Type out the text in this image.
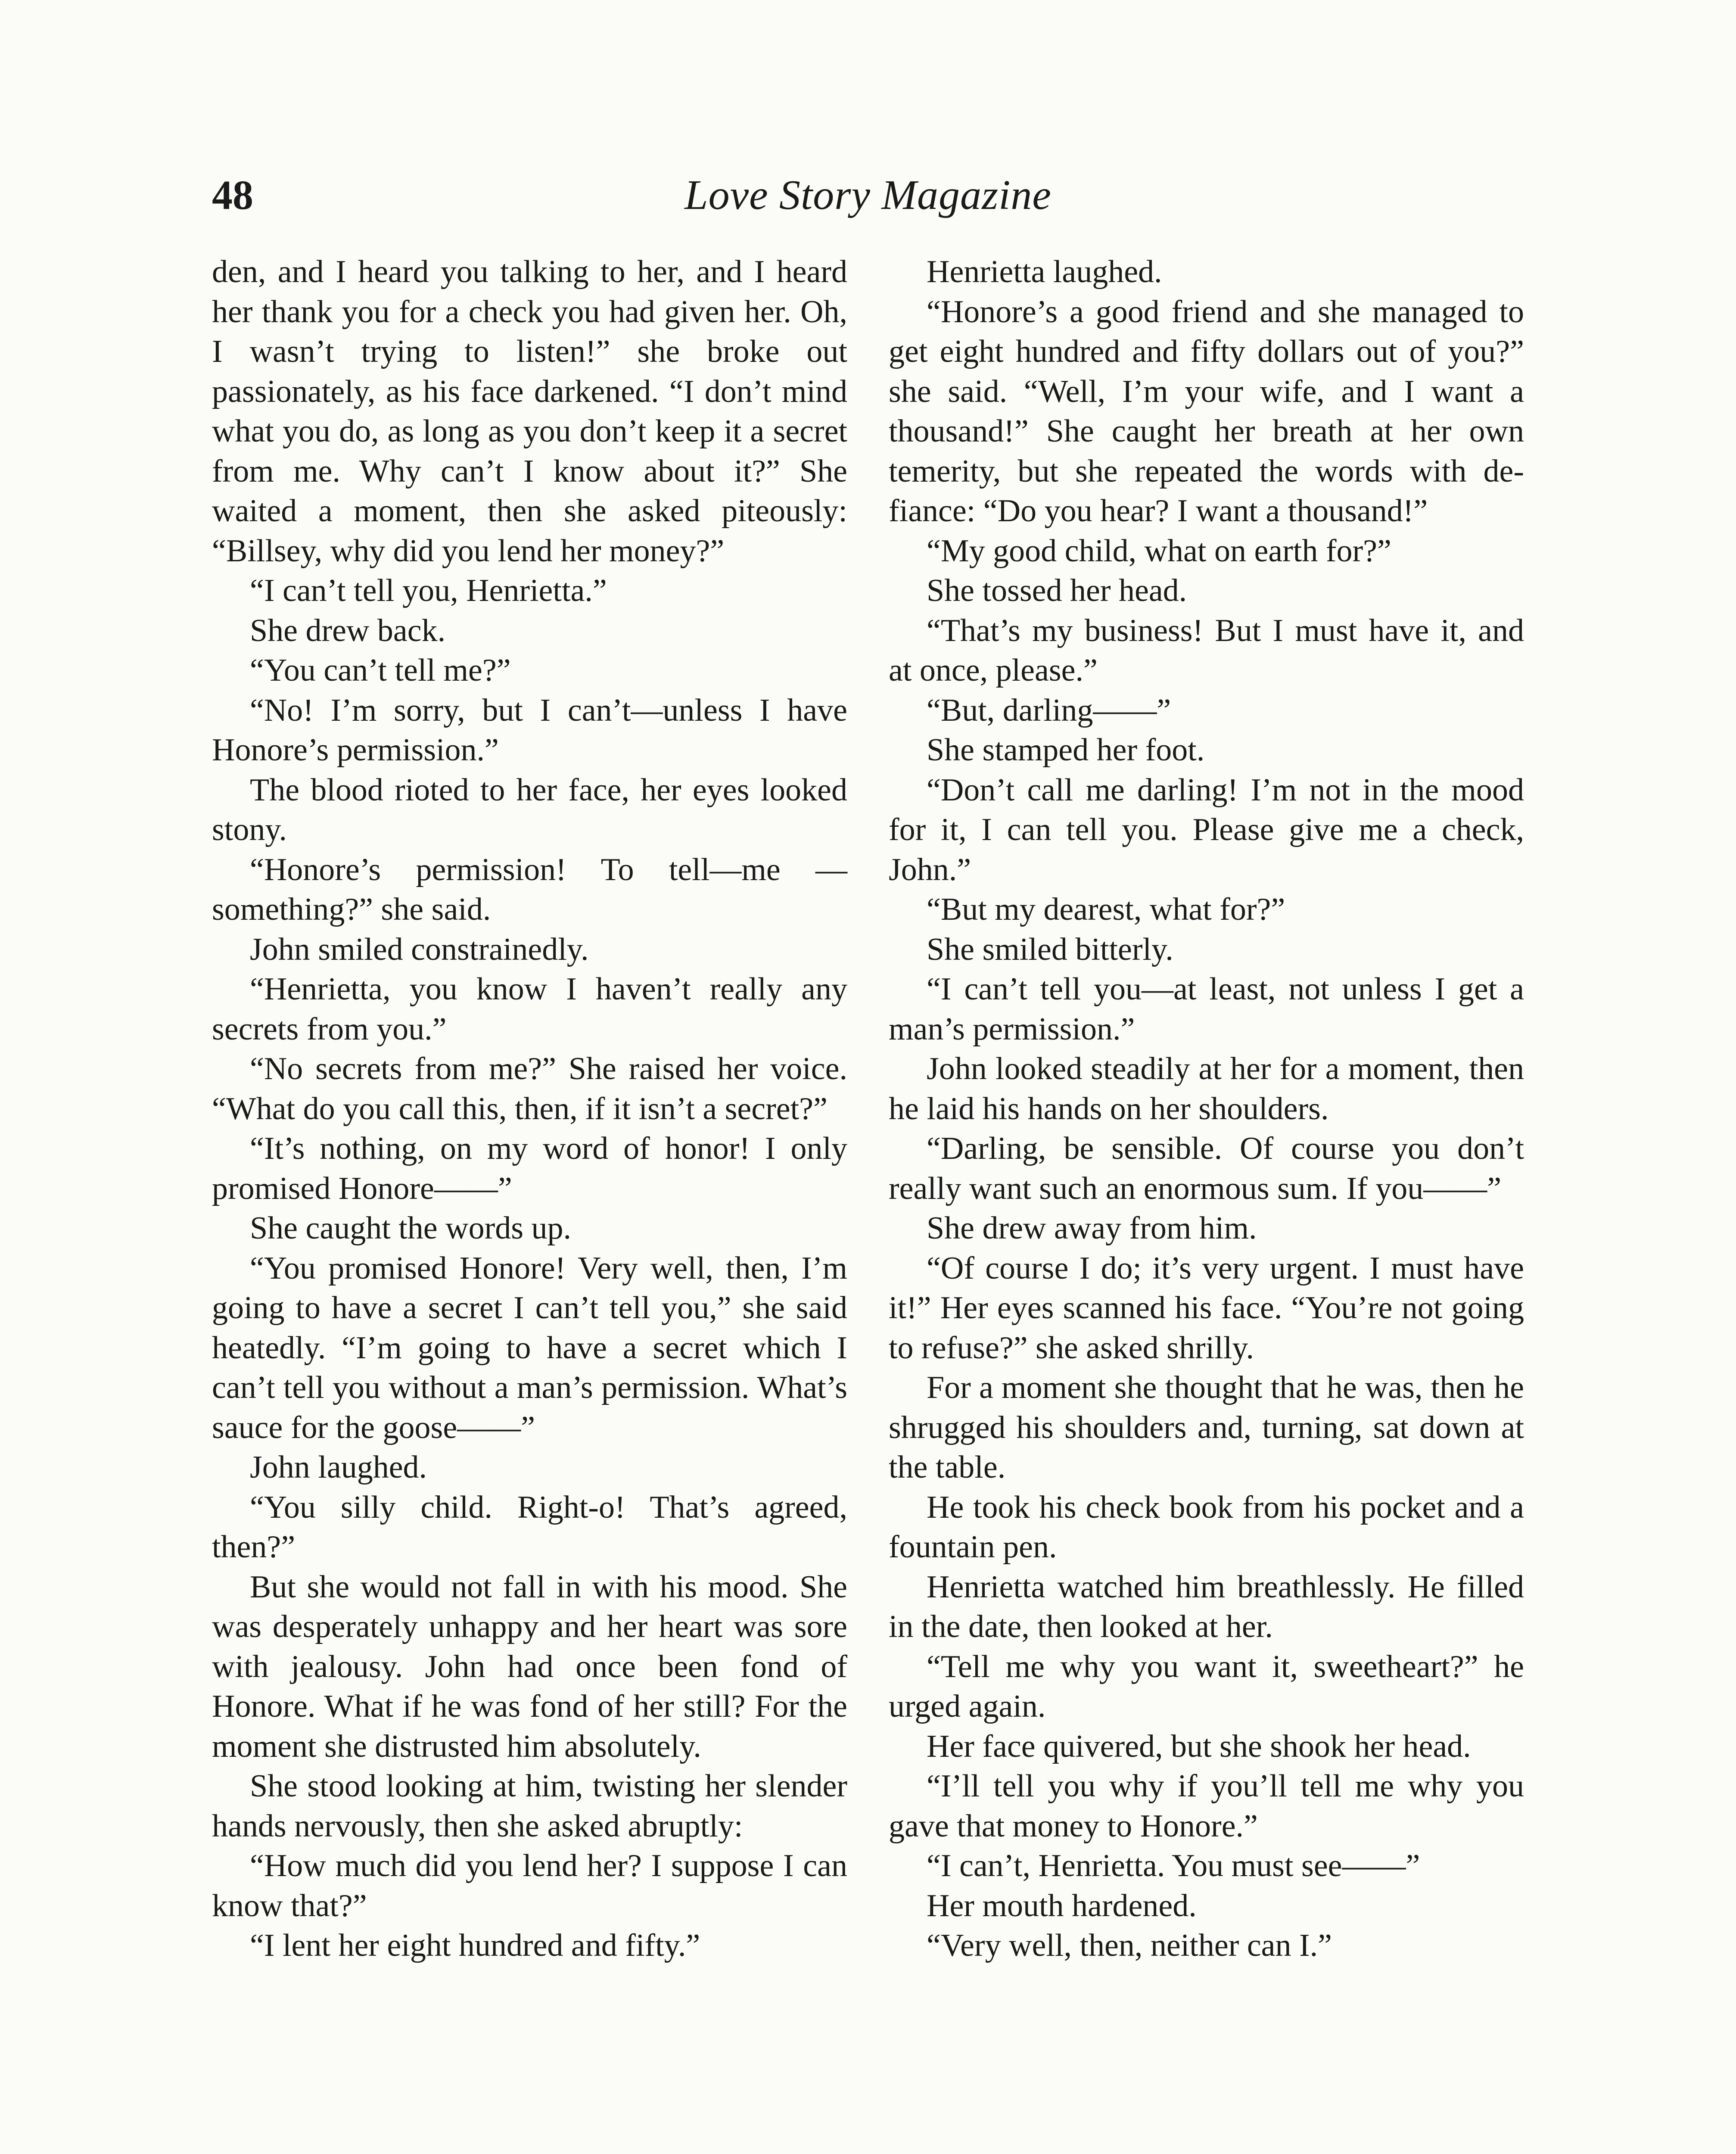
48	Love Story Magazine

den, and I heard you talking to her, and I heard her thank you for a check you had given her. Oh, I wasn’t trying to listen!” she broke out passionately, as his face darkened. “I don’t mind what you do, as long as you don’t keep it a secret from me. Why can’t I know about it?” She waited a moment, then she asked piteously: “Billsey, why did you lend her money?”

“I can’t tell you, Henrietta.”

She drew back.

“You can’t tell me?”

“No! I’m sorry, but I can’t—unless I have Honore’s permission.”

The blood rioted to her face, her eyes looked stony.

“Honore’s permission! To tell—me —something?” she said.

John smiled constrainedly.

“Henrietta, you know I haven’t really any secrets from you.”

“No secrets from me?” She raised her voice. “What do you call this, then, if it isn’t a secret?”

“It’s nothing, on my word of honor! I only promised Honore——”

She caught the words up.

“You promised Honore! Very well, then, I’m going to have a secret I can’t tell you,” she said heatedly. “I’m going to have a secret which I can’t tell you without a man’s permission. What’s sauce for the goose——”

John laughed.

“You silly child. Right-o! That’s agreed, then?”

But she would not fall in with his mood. She was desperately unhappy and her heart was sore with jealousy. John had once been fond of Honore. What if he was fond of her still? For the moment she distrusted him absolutely.

She stood looking at him, twisting her slender hands nervously, then she asked abruptly:

“How much did you lend her? I suppose I can know that?”

“I lent her eight hundred and fifty.”

Henrietta laughed.

“Honore’s a good friend and she managed to get eight hundred and fifty dollars out of you?” she said. “Well, I’m your wife, and I want a thousand!” She caught her breath at her own temerity, but she repeated the words with defiance: “Do you hear? I want a thousand!”

“My good child, what on earth for?”

She tossed her head.

“That’s my business! But I must have it, and at once, please.”

“But, darling——”

She stamped her foot.

“Don’t call me darling! I’m not in the mood for it, I can tell you. Please give me a check, John.”

“But my dearest, what for?”

She smiled bitterly.

“I can’t tell you—at least, not unless I get a man’s permission.”

John looked steadily at her for a moment, then he laid his hands on her shoulders.

“Darling, be sensible. Of course you don’t really want such an enormous sum. If you——”

She drew away from him.

“Of course I do; it’s very urgent. I must have it!” Her eyes scanned his face. “You’re not going to refuse?” she asked shrilly.

For a moment she thought that he was, then he shrugged his shoulders and, turning, sat down at the table.

He took his check book from his pocket and a fountain pen.

Henrietta watched him breathlessly. He filled in the date, then looked at her.

“Tell me why you want it, sweetheart?” he urged again.

Her face quivered, but she shook her head.

“I’ll tell you why if you’ll tell me why you gave that money to Honore.”

“I can’t, Henrietta. You must see——”

Her mouth hardened.

“Very well, then, neither can I.”
